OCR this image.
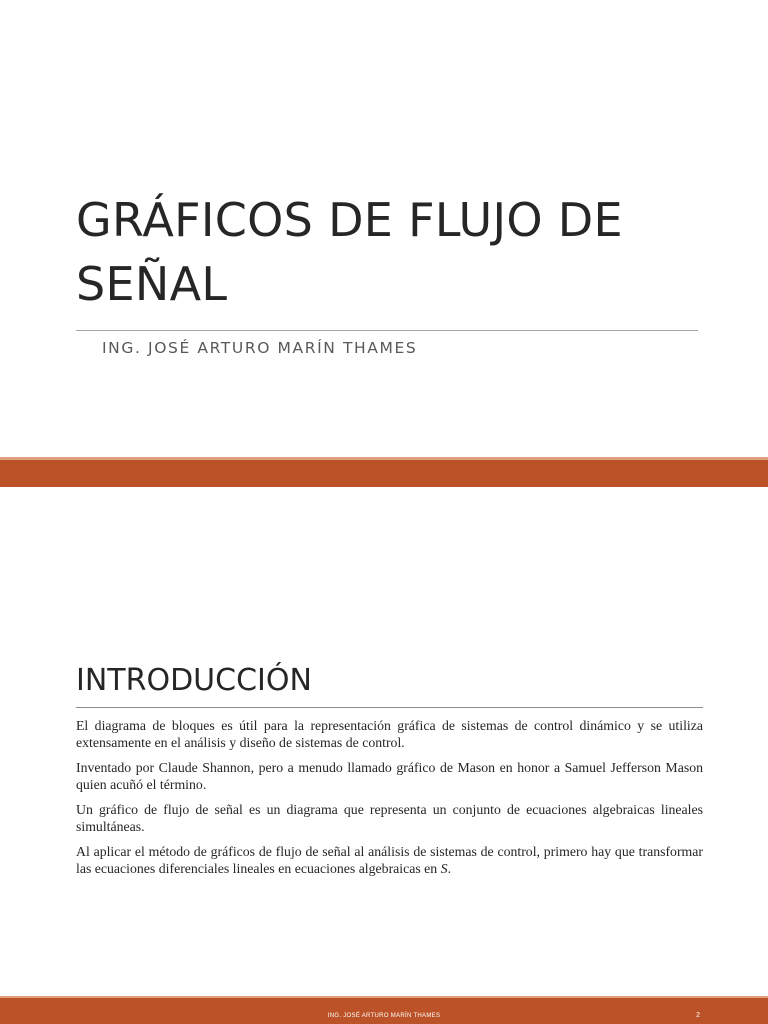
GRÁFICOS DE FLUJO DE
SEÑAL
ING. JOSÉ ARTURO MARÍN THAMES
INTRODUCCIÓN

El diagrama de bloques es útil para la representación gráfica de sistemas de control dinámico y se utiliza extensamente en el análisis y diseño de sistemas de control.

Inventado por Claude Shannon, pero a menudo llamado gráfico de Mason en honor a Samuel Jefferson Mason quien acuñó el término.

Un gráfico de flujo de señal es un diagrama que representa un conjunto de ecuaciones algebraicas lineales simultáneas.

Al aplicar el método de gráficos de flujo de señal al análisis de sistemas de control, primero hay que transformar las ecuaciones diferenciales lineales en ecuaciones algebraicas en S.

ING. JOSÉ ARTURO MARÍN THAMES	2
